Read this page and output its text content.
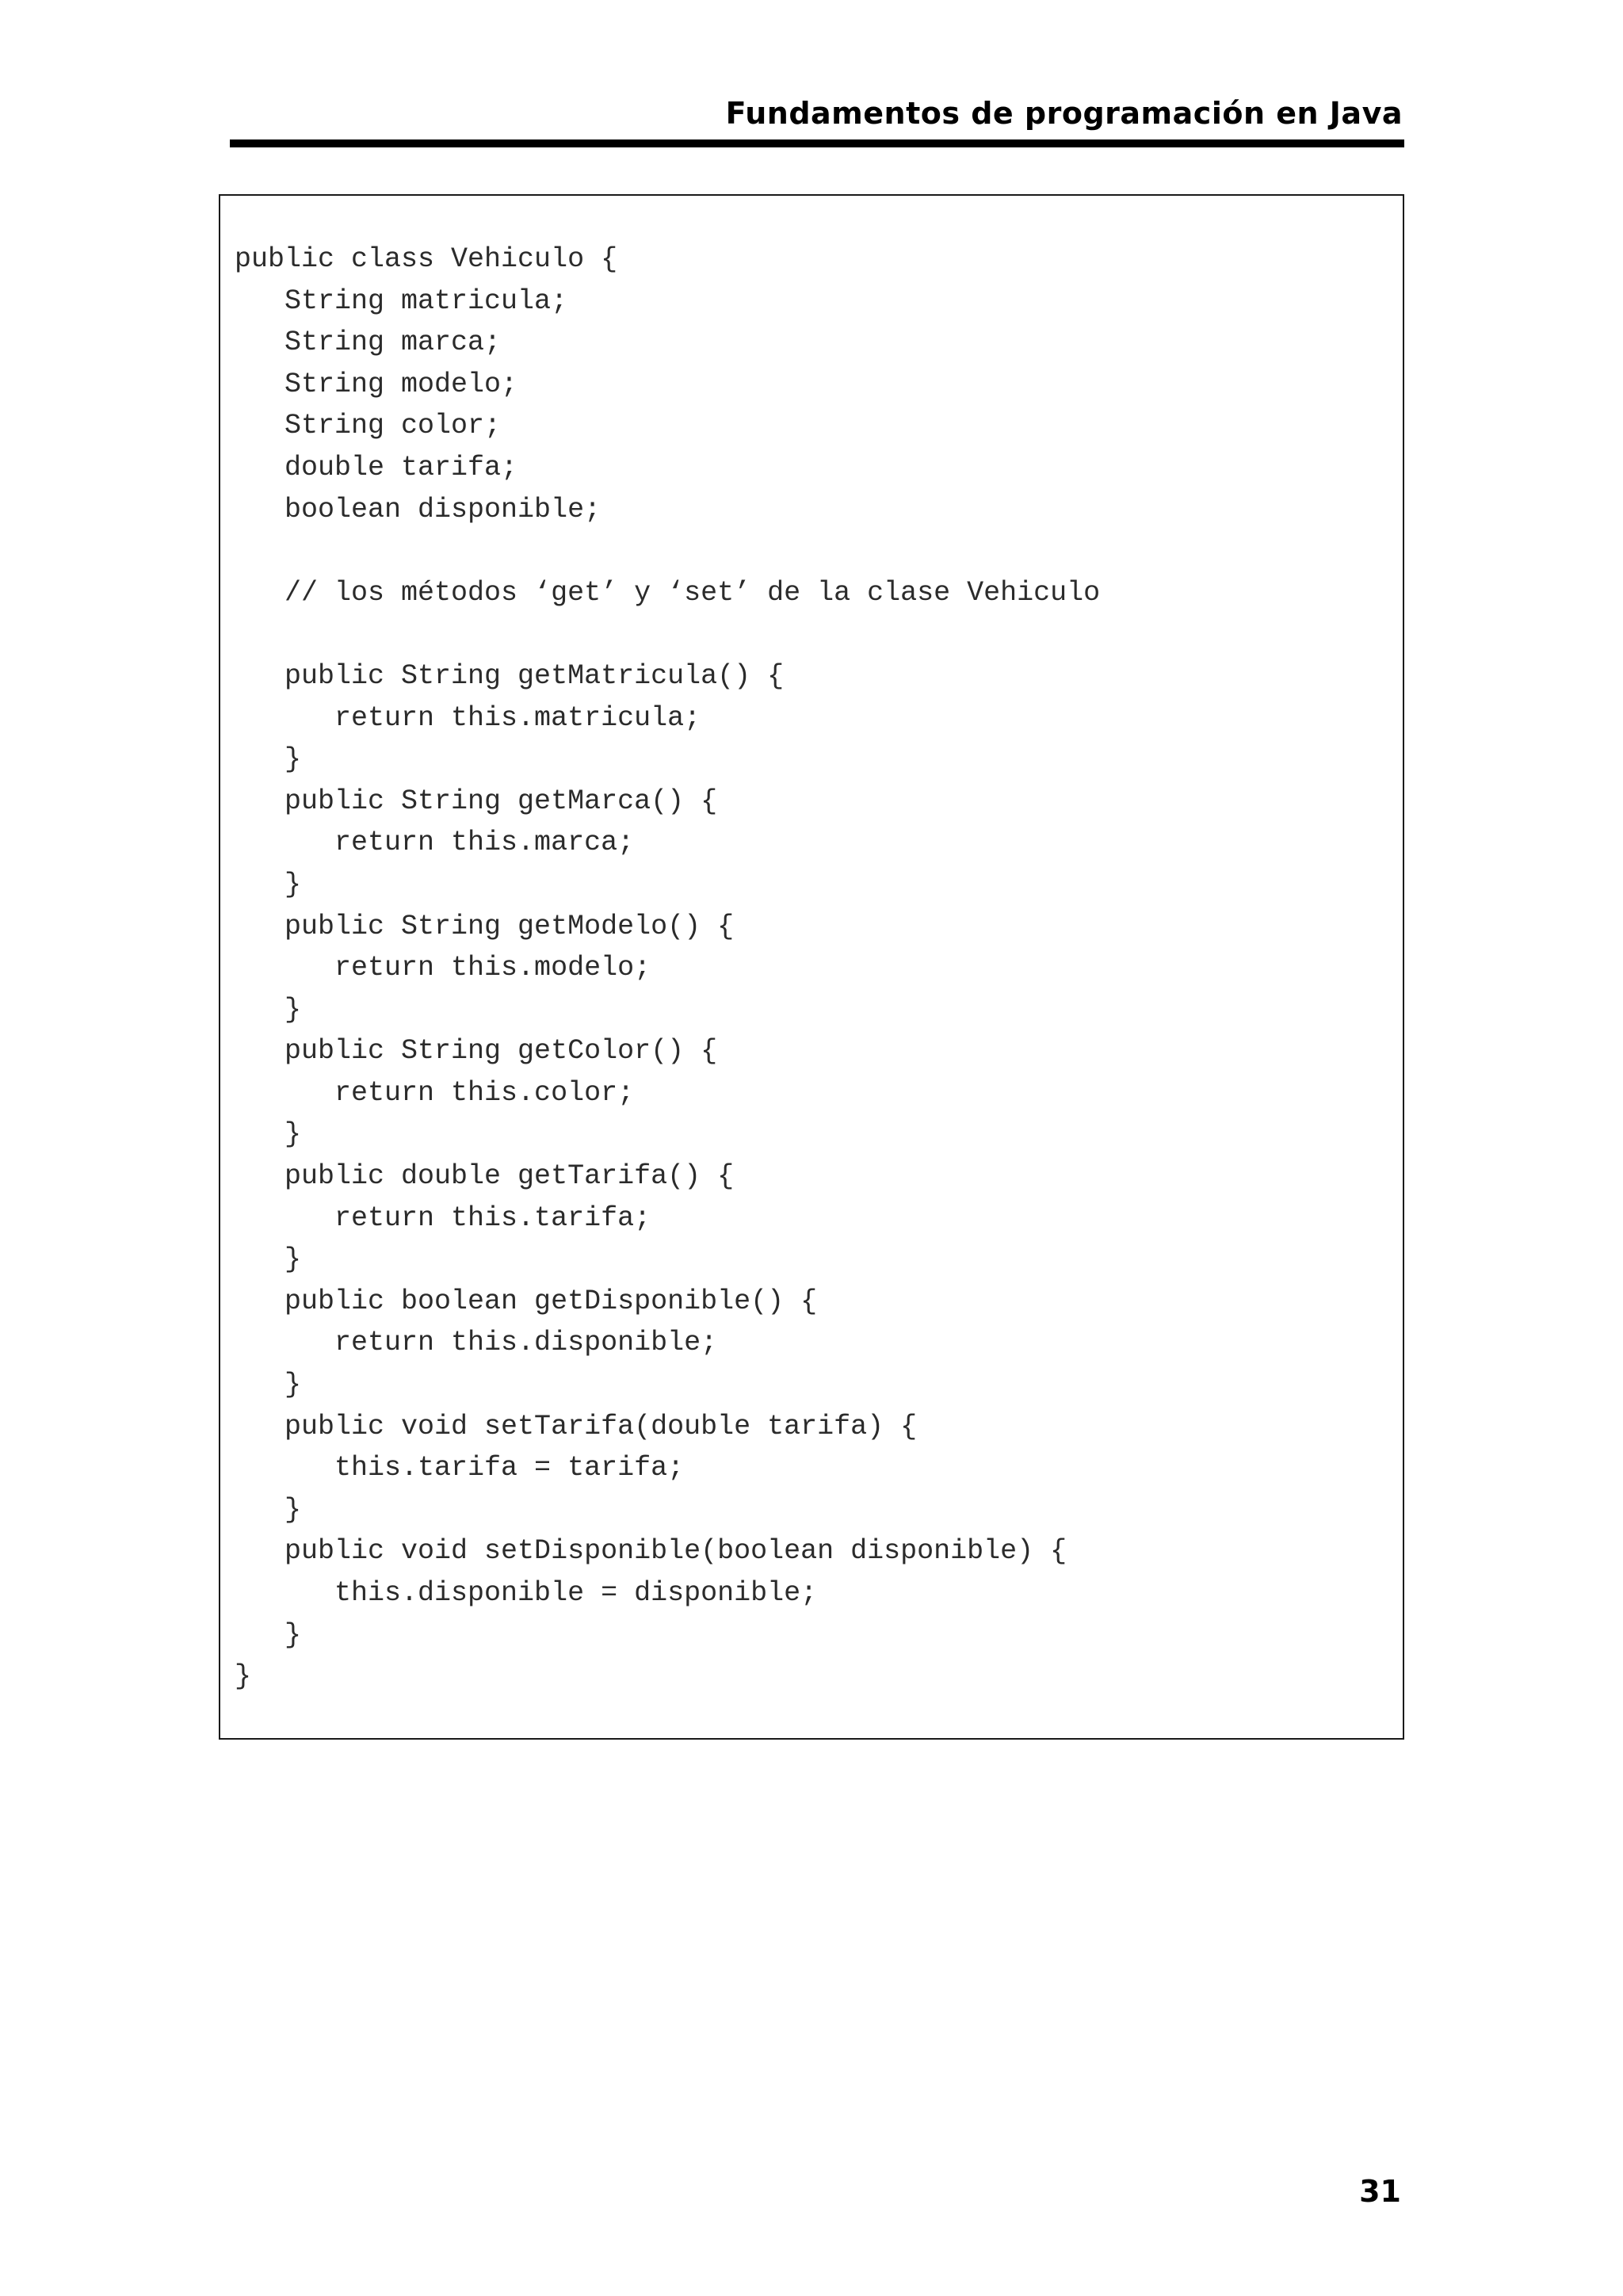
Fundamentos de programación en Java
public class Vehiculo {
String matricula;
String marca;
String modelo;
String color;
double tarifa;
boolean disponible;
// los métodos ‘get’ y ‘set’ de la clase Vehiculo
public String getMatricula() {
return this.matricula;
}
public String getMarca() {
return this.marca;
}
public String getModelo() {
return this.modelo;
}
public String getColor() {
return this.color;
}
public double getTarifa() {
return this.tarifa;
}
public boolean getDisponible() {
return this.disponible;
}
public void setTarifa(double tarifa) {
this.tarifa = tarifa;
}
public void setDisponible(boolean disponible) {
this.disponible = disponible;
}
}
31
